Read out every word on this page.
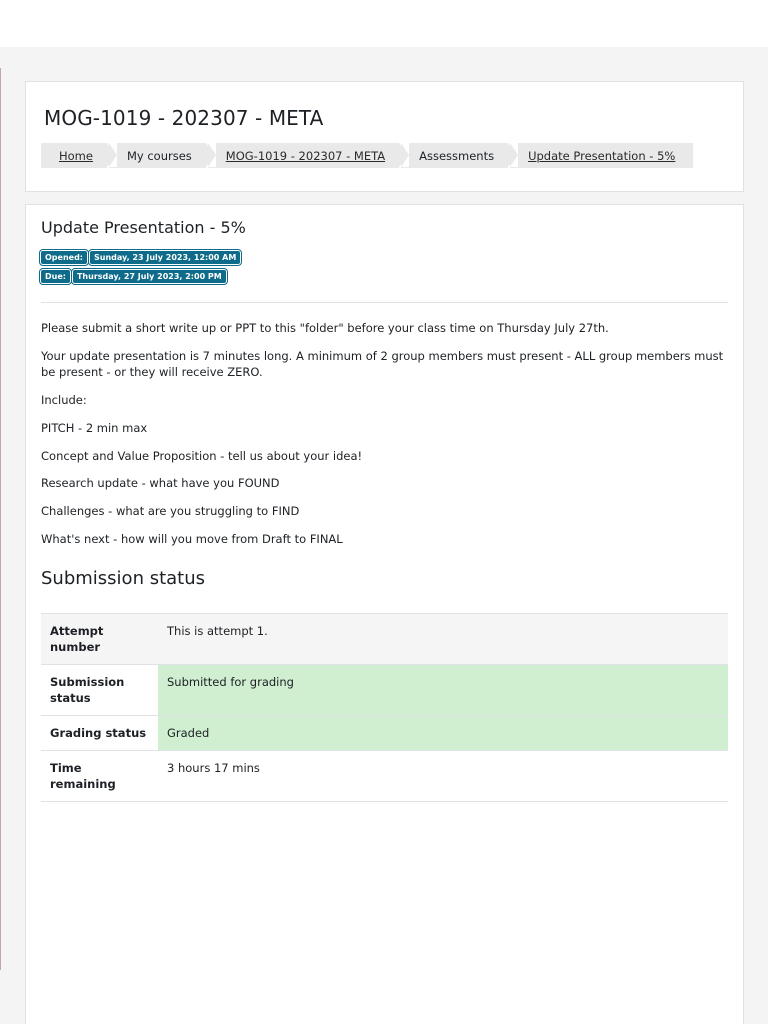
MOG-1019 - 202307 - META
Home	My courses	MOG-1019 - 202307 - META	Assessments	Update Presentation - 5%
Update Presentation - 5%
Opened:	Sunday, 23 July 2023, 12:00 AM
Due:	Thursday, 27 July 2023, 2:00 PM

Please submit a short write up or PPT to this "folder" before your class time on Thursday July 27th.

Your update presentation is 7 minutes long. A minimum of 2 group members must present - ALL group members must be present - or they will receive ZERO.

Include:

PITCH - 2 min max

Concept and Value Proposition - tell us about your idea!

Research update - what have you FOUND

Challenges - what are you struggling to FIND

What's next - how will you move from Draft to FINAL

Submission status
Attempt number	This is attempt 1.
Submission status	Submitted for grading
Grading status	Graded
Time remaining	3 hours 17 mins
